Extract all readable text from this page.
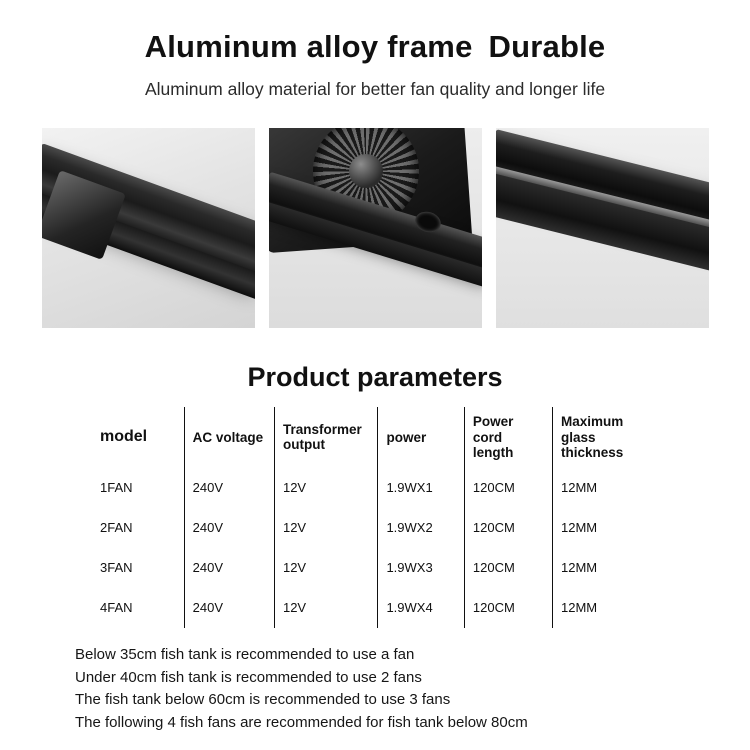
Aluminum alloy frame Durable
Aluminum alloy material for better fan quality and longer life
Product parameters
model	AC voltage	Transformer output	power	Power cord length	Maximum glass thickness
1FAN	240V	12V	1.9WX1	120CM	12MM
2FAN	240V	12V	1.9WX2	120CM	12MM
3FAN	240V	12V	1.9WX3	120CM	12MM
4FAN	240V	12V	1.9WX4	120CM	12MM
Below 35cm fish tank is recommended to use a fan
Under 40cm fish tank is recommended to use 2 fans
The fish tank below 60cm is recommended to use 3 fans
The following 4 fish fans are recommended for fish tank below 80cm
